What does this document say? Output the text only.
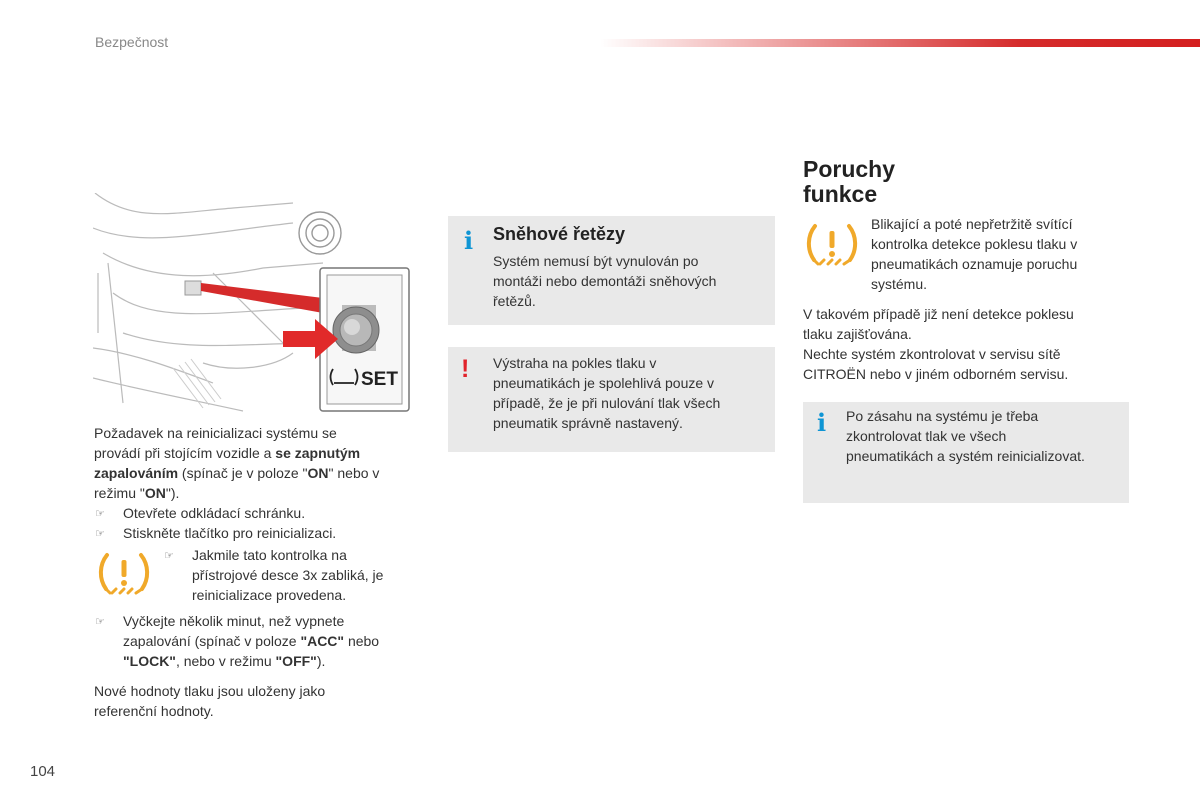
Bezpečnost
SET

Požadavek na reinicializaci systému se

provádí při stojícím vozidle a se zapnutým

zapalováním (spínač je v poloze "ON" nebo v

režimu "ON").

☞ Otevřete odkládací schránku.
☞ Stiskněte tlačítko pro reinicializaci.
☞ Jakmile tato kontrolka na
přístrojové desce 3x zabliká, je
reinicializace provedena.
☞ Vyčkejte několik minut, než vypnete
zapalování (spínač v poloze "ACC" nebo
"LOCK", nebo v režimu "OFF").
Nové hodnoty tlaku jsou uloženy jako
referenční hodnoty.
i Sněhové řetězy
Systém nemusí být vynulován po
montáži nebo demontáži sněhových
řetězů.
! Výstraha na pokles tlaku v
pneumatikách je spolehlivá pouze v
případě, že je při nulování tlak všech
pneumatik správně nastavený.
Poruchy
funkce
Blikající a poté nepřetržitě svítící
kontrolka detekce poklesu tlaku v
pneumatikách oznamuje poruchu
systému.
V takovém případě již není detekce poklesu
tlaku zajišťována.
Nechte systém zkontrolovat v servisu sítě
CITROËN nebo v jiném odborném servisu.
i Po zásahu na systému je třeba
zkontrolovat tlak ve všech
pneumatikách a systém reinicializovat.
104
